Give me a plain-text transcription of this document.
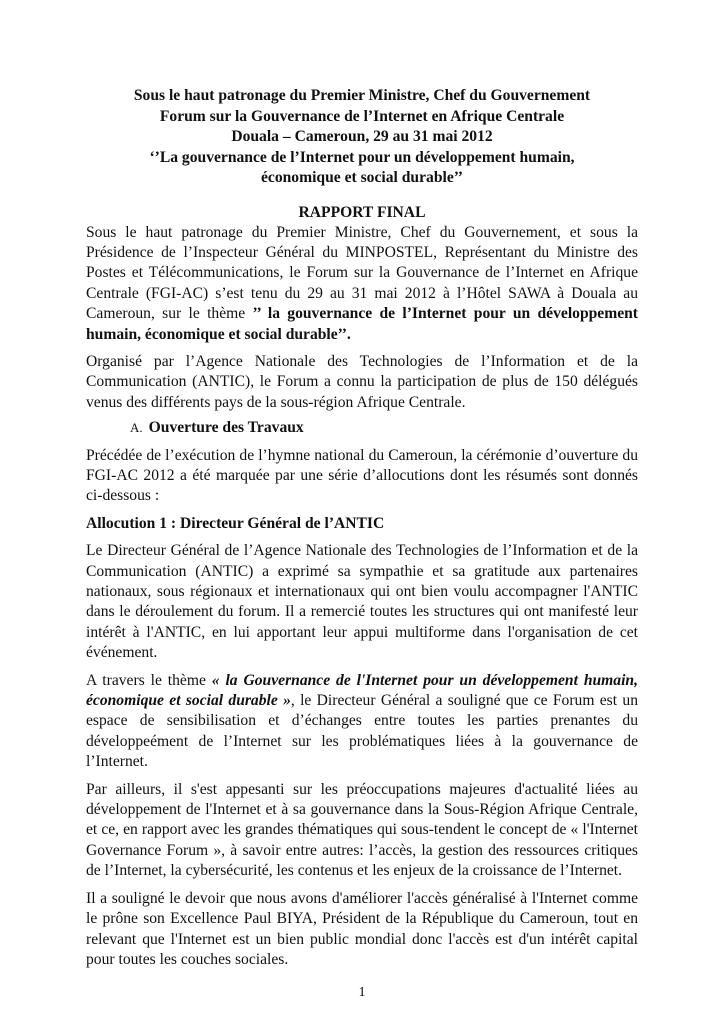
Sous le haut patronage du Premier Ministre, Chef du Gouvernement
Forum sur la Gouvernance de l’Internet en Afrique Centrale
Douala – Cameroun, 29 au 31 mai 2012
‘’La gouvernance de l’Internet pour un développement humain,
économique et social durable’’
RAPPORT FINAL

Sous le haut patronage du Premier Ministre, Chef du Gouvernement, et sous la Présidence de l’Inspecteur Général du MINPOSTEL, Représentant du Ministre des Postes et Télécommunications, le Forum sur la Gouvernance de l’Internet en Afrique Centrale (FGI-AC) s’est tenu du 29 au 31 mai 2012 à l’Hôtel SAWA à Douala au Cameroun, sur le thème ’’ la gouvernance de l’Internet pour un développement humain, économique et social durable’’.

Organisé par l’Agence Nationale des Technologies de l’Information et de la Communication (ANTIC), le Forum a connu la participation de plus de 150 délégués venus des différents pays de la sous-région Afrique Centrale.

A. Ouverture des Travaux

Précédée de l’exécution de l’hymne national du Cameroun, la cérémonie d’ouverture du FGI-AC 2012 a été marquée par une série d’allocutions dont les résumés sont donnés ci-dessous :

Allocution 1 : Directeur Général de l’ANTIC

Le Directeur Général de l’Agence Nationale des Technologies de l’Information et de la Communication (ANTIC) a exprimé sa sympathie et sa gratitude aux partenaires nationaux, sous régionaux et internationaux qui ont bien voulu accompagner l'ANTIC dans le déroulement du forum. Il a remercié toutes les structures qui ont manifesté leur intérêt à l'ANTIC, en lui apportant leur appui multiforme dans l'organisation de cet événement.

A travers le thème « la Gouvernance de l'Internet pour un développement humain, économique et social durable », le Directeur Général a souligné que ce Forum est un espace de sensibilisation et d’échanges entre toutes les parties prenantes du développeément de l’Internet sur les problématiques liées à la gouvernance de l’Internet.

Par ailleurs, il s'est appesanti sur les préoccupations majeures d'actualité liées au développement de l'Internet et à sa gouvernance dans la Sous-Région Afrique Centrale, et ce, en rapport avec les grandes thématiques qui sous-tendent le concept de « l'Internet Governance Forum », à savoir entre autres: l’accès, la gestion des ressources critiques de l’Internet, la cybersécurité, les contenus et les enjeux de la croissance de l’Internet.

Il a souligné le devoir que nous avons d'améliorer l'accès généralisé à l'Internet comme le prône son Excellence Paul BIYA, Président de la République du Cameroun, tout en relevant que l'Internet est un bien public mondial donc l'accès est d'un intérêt capital pour toutes les couches sociales.

1
